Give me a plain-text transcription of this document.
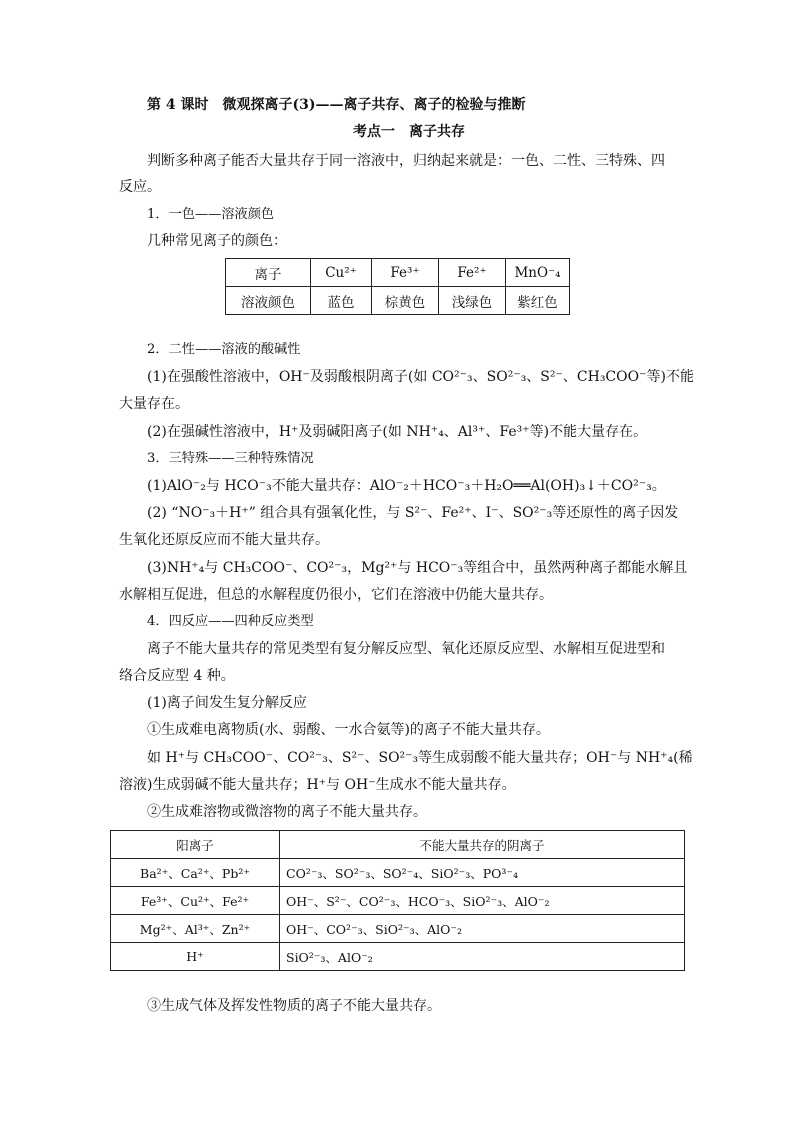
第 4 课时　微观探离子(3)——离子共存、离子的检验与推断
考点一　离子共存
判断多种离子能否大量共存于同一溶液中，归纳起来就是：一色、二性、三特殊、四
反应。
1．一色——溶液颜色
几种常见离子的颜色：
离子	Cu²⁺	Fe³⁺	Fe²⁺	MnO⁻₄
溶液颜色	蓝色	棕黄色	浅绿色	紫红色
2．二性——溶液的酸碱性
(1)在强酸性溶液中，OH⁻及弱酸根阴离子(如 CO²⁻₃、SO²⁻₃、S²⁻、CH₃COO⁻等)不能
大量存在。
(2)在强碱性溶液中，H⁺及弱碱阳离子(如 NH⁺₄、Al³⁺、Fe³⁺等)不能大量存在。
3．三特殊——三种特殊情况
(1)AlO⁻₂与 HCO⁻₃不能大量共存：AlO⁻₂＋HCO⁻₃＋H₂O══Al(OH)₃↓＋CO²⁻₃。
(2) “NO⁻₃＋H⁺” 组合具有强氧化性，与 S²⁻、Fe²⁺、I⁻、SO²⁻₃等还原性的离子因发
生氧化还原反应而不能大量共存。
(3)NH⁺₄与 CH₃COO⁻、CO²⁻₃，Mg²⁺与 HCO⁻₃等组合中，虽然两种离子都能水解且
水解相互促进，但总的水解程度仍很小，它们在溶液中仍能大量共存。
4．四反应——四种反应类型
离子不能大量共存的常见类型有复分解反应型、氧化还原反应型、水解相互促进型和
络合反应型 4 种。
(1)离子间发生复分解反应
①生成难电离物质(水、弱酸、一水合氨等)的离子不能大量共存。
如 H⁺与 CH₃COO⁻、CO²⁻₃、S²⁻、SO²⁻₃等生成弱酸不能大量共存；OH⁻与 NH⁺₄(稀
溶液)生成弱碱不能大量共存；H⁺与 OH⁻生成水不能大量共存。
②生成难溶物或微溶物的离子不能大量共存。
阳离子	不能大量共存的阴离子
Ba²⁺、Ca²⁺、Pb²⁺	CO²⁻₃、SO²⁻₃、SO²⁻₄、SiO²⁻₃、PO³⁻₄
Fe³⁺、Cu²⁺、Fe²⁺	OH⁻、S²⁻、CO²⁻₃、HCO⁻₃、SiO²⁻₃、AlO⁻₂
Mg²⁺、Al³⁺、Zn²⁺	OH⁻、CO²⁻₃、SiO²⁻₃、AlO⁻₂
H⁺	SiO²⁻₃、AlO⁻₂
③生成气体及挥发性物质的离子不能大量共存。
